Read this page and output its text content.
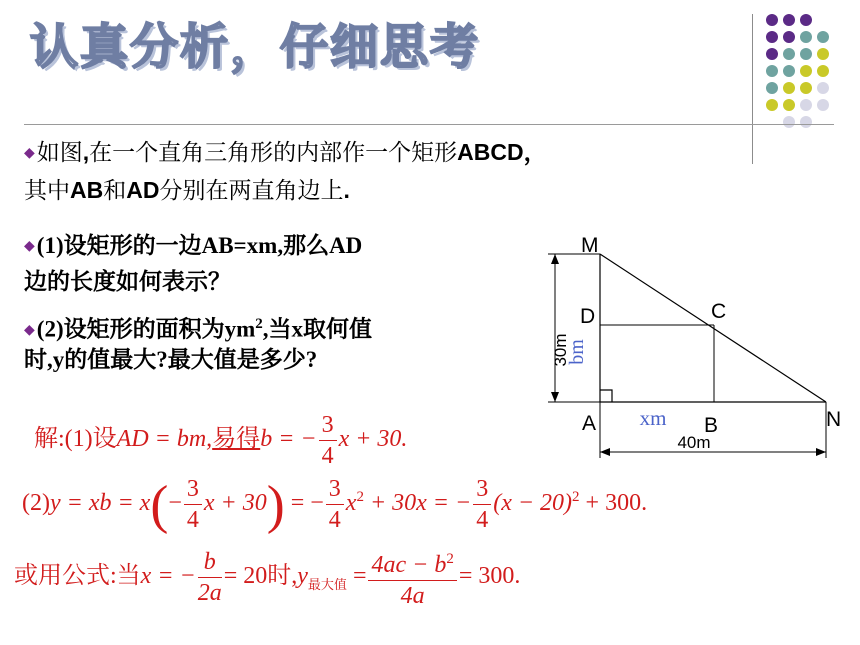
认真分析，仔细思考
◆如图,在一个直角三角形的内部作一个矩形ABCD，
其中AB和AD分别在两直角边上.
◆(1)设矩形的一边AB=xm,那么AD
边的长度如何表示？
◆(2)设矩形的面积为$ym^2$,当x取何值
时,y的值最大?最大值是多少?
M
D	C
A	B	N
30m
bm
xm
40m
解:(1)设AD = bm,易得b = − $\frac{3}{4}$ x + 30.
(2)y = xb = $x(- \frac{3}{4}$ x + 30) = − $\frac{3}{4} x^2 + 30x$ = − $\frac{3}{4} (x - 20)^2 + 300$.
或用公式:当x = − $\frac{b}{2a} = 20$时$,y_{最大值} = \frac{4ac - b^2}{4a} = 300$.
